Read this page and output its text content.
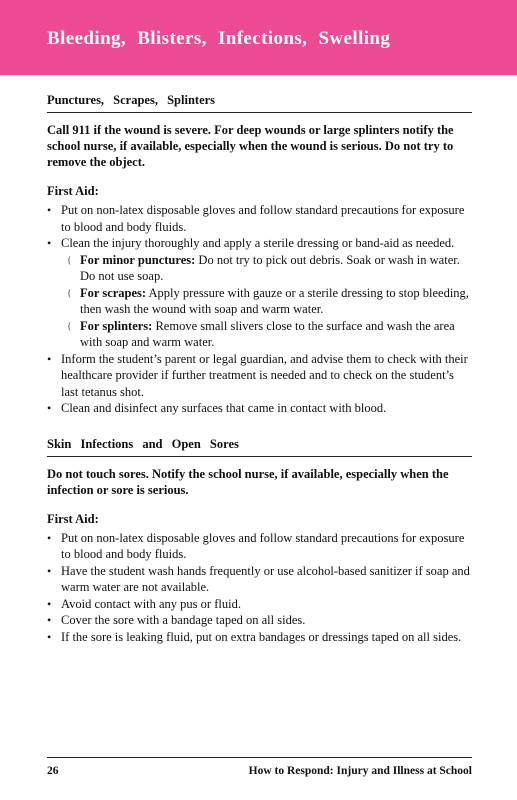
Bleeding, Blisters, Infections, Swelling
Punctures, Scrapes, Splinters

Call 911 if the wound is severe. For deep wounds or large splinters notify the school nurse, if available, especially when the wound is serious. Do not try to remove the object.

First Aid:
• Put on non-latex disposable gloves and follow standard precautions for exposure to blood and body fluids.
• Clean the injury thoroughly and apply a sterile dressing or band-aid as needed.
{ For minor punctures: Do not try to pick out debris. Soak or wash in water. Do not use soap.
{ For scrapes: Apply pressure with gauze or a sterile dressing to stop bleeding, then wash the wound with soap and warm water.
{ For splinters: Remove small slivers close to the surface and wash the area with soap and warm water.
• Inform the student’s parent or legal guardian, and advise them to check with their healthcare provider if further treatment is needed and to check on the student’s last tetanus shot.
• Clean and disinfect any surfaces that came in contact with blood.
Skin Infections and Open Sores

Do not touch sores. Notify the school nurse, if available, especially when the infection or sore is serious.

First Aid:
• Put on non-latex disposable gloves and follow standard precautions for exposure to blood and body fluids.
• Have the student wash hands frequently or use alcohol-based sanitizer if soap and warm water are not available.
• Avoid contact with any pus or fluid.
• Cover the sore with a bandage taped on all sides.
• If the sore is leaking fluid, put on extra bandages or dressings taped on all sides.
26	How to Respond: Injury and Illness at School
